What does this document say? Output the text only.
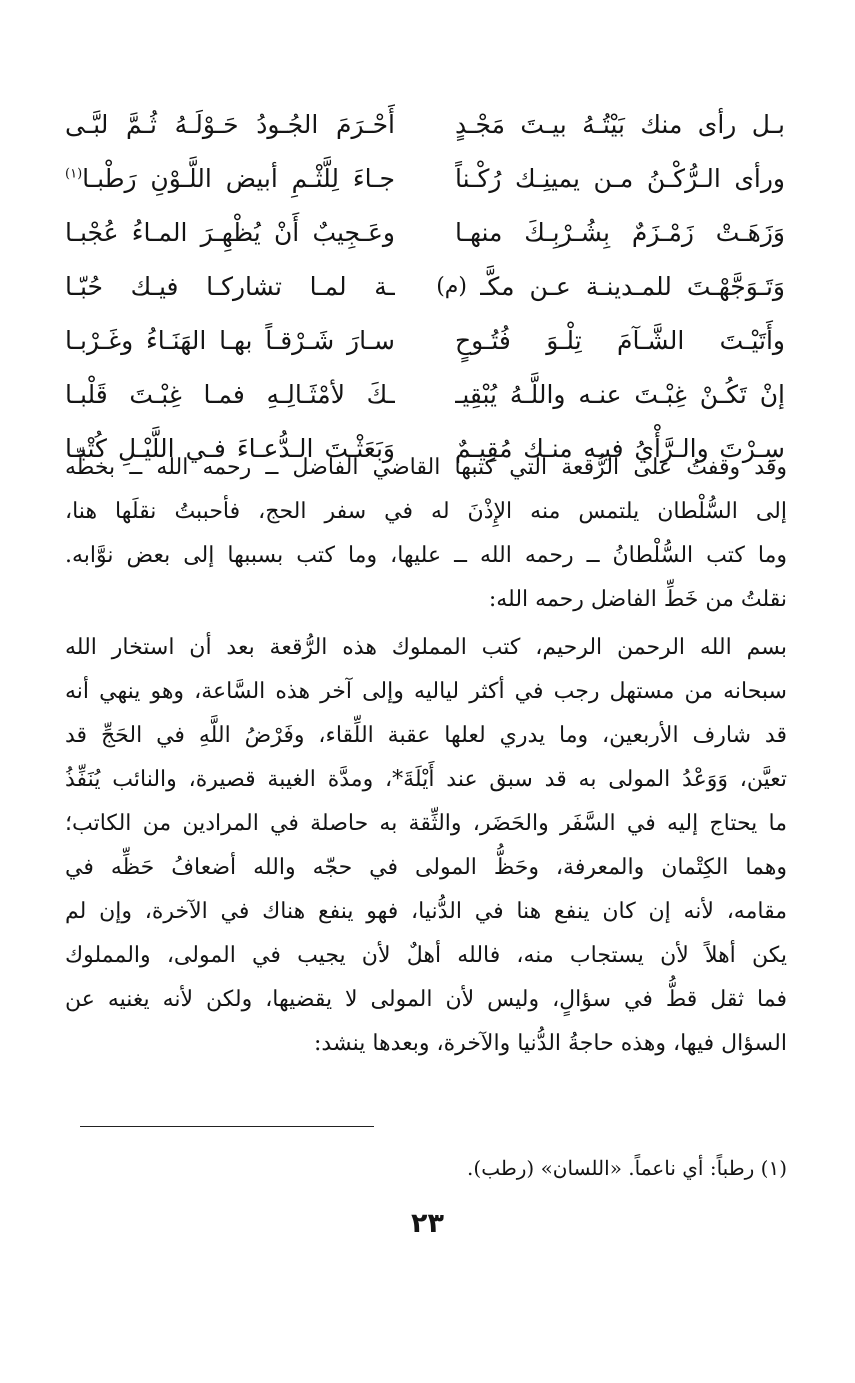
بـل رأى منك بَيْتُـهُ بيـتَ مَجْـدٍ
أَحْـرَمَ الجُـودُ حَـوْلَـهُ ثُـمَّ لبَّـى
ورأى الـرُّكْـنُ مـن يمينِـك رُكْـناً
جـاءَ لِلَّثْـمِ أبيض اللَّـوْنِ رَطْبـا$^{(١)}$
وَزَهَـتْ زَمْـزَمٌ بِشُـرْبِـكَ منهـا
وعَـجِيبٌ أَنْ يُظْهِـرَ المـاءُ عُجْبـا
وَتَـوَجَّهْـتَ للمـدينـة عـن مكَّـ
(م)
ـة لمـا تشاركـا فيـك حُبّـا
وأَتَيْـتَ الشَّـآمَ تِلْـوَ فُتُـوحٍ
سـارَ شَـرْقـاً بهـا الهَنَـاءُ وغَـرْبـا
إنْ تَكُـنْ غِبْـتَ عنـه واللَّـهُ يُبْقِيـ
ـكَ لأمْثَـالِـهِ فمـا غِبْـتَ قَلْبـا
سِـرْتَ والـرَّأْيُ فيـه منـك مُقِيـمٌ
وَبَعَثْـتَ الـدُّعـاءَ فـي اللَّيْـلِ كُتْبـا

وقد وقفتُ على الرُّقعة التي كتبها القاضي الفاضل ــ رحمه الله ــ بخطِّه

إلى السُّلْطان يلتمس منه الإِذْنَ له في سفر الحج، فأحببتُ نقلَها هنا،

وما كتب السُّلْطانُ ــ رحمه الله ــ عليها، وما كتب بسببها إلى بعض نوَّابه.

نقلتُ من خَطِّ الفاضل رحمه الله:

بسم الله الرحمن الرحيم، كتب المملوك هذه الرُّقعة بعد أن استخار الله

سبحانه من مستهل رجب في أكثر لياليه وإلى آخر هذه السَّاعة، وهو ينهي أنه

قد شارف الأربعين، وما يدري لعلها عقبة اللِّقاء، وفَرْضُ اللَّهِ في الحَجِّ قد

تعيَّن، وَوَعْدُ المولى به قد سبق عند أَيْلَةَ*، ومدَّة الغيبة قصيرة، والنائب يُنَفِّذُ

ما يحتاج إليه في السَّفَر والحَضَر، والثِّقة به حاصلة في المرادين من الكاتب؛

وهما الكِتْمان والمعرفة، وحَظُّ المولى في حجّه والله أضعافُ حَظِّه في

مقامه، لأنه إن كان ينفع هنا في الدُّنيا، فهو ينفع هناك في الآخرة، وإن لم

يكن أهلاً لأن يستجاب منه، فالله أهلٌ لأن يجيب في المولى، والمملوك

فما ثقل قطُّ في سؤالٍ، وليس لأن المولى لا يقضيها، ولكن لأنه يغنيه عن

السؤال فيها، وهذه حاجةُ الدُّنيا والآخرة، وبعدها ينشد:

(١) رطباً: أي ناعماً. «اللسان» (رطب).
٢٣
